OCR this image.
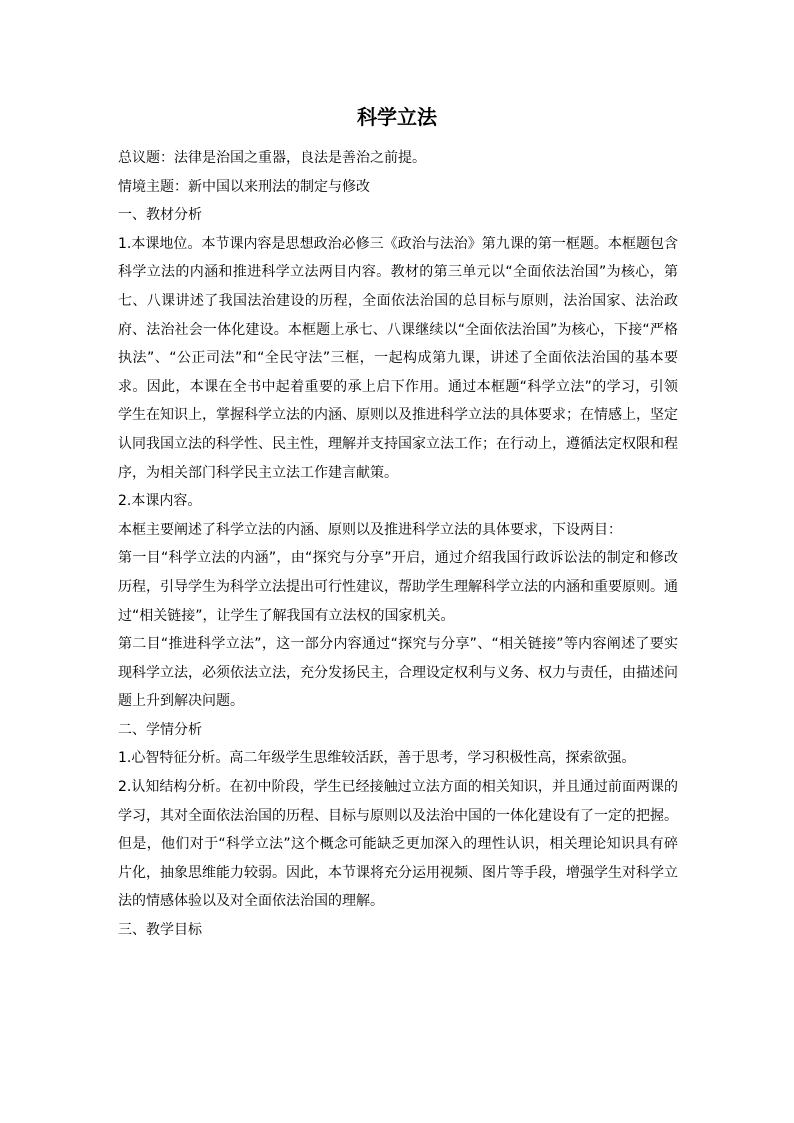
科学立法

总议题：法律是治国之重器，良法是善治之前提。

情境主题：新中国以来刑法的制定与修改

一、教材分析

1.本课地位。本节课内容是思想政治必修三《政治与法治》第九课的第一框题。本框题包含科学立法的内涵和推进科学立法两目内容。教材的第三单元以“全面依法治国”为核心，第七、八课讲述了我国法治建设的历程，全面依法治国的总目标与原则，法治国家、法治政府、法治社会一体化建设。本框题上承七、八课继续以“全面依法治国”为核心，下接“严格执法”、“公正司法”和“全民守法”三框，一起构成第九课，讲述了全面依法治国的基本要求。因此，本课在全书中起着重要的承上启下作用。通过本框题“科学立法”的学习，引领学生在知识上，掌握科学立法的内涵、原则以及推进科学立法的具体要求；在情感上，坚定认同我国立法的科学性、民主性，理解并支持国家立法工作；在行动上，遵循法定权限和程序，为相关部门科学民主立法工作建言献策。

2.本课内容。

本框主要阐述了科学立法的内涵、原则以及推进科学立法的具体要求，下设两目：

第一目“科学立法的内涵”，由“探究与分享”开启，通过介绍我国行政诉讼法的制定和修改历程，引导学生为科学立法提出可行性建议，帮助学生理解科学立法的内涵和重要原则。通过“相关链接”，让学生了解我国有立法权的国家机关。

第二目“推进科学立法”，这一部分内容通过“探究与分享”、“相关链接”等内容阐述了要实现科学立法，必须依法立法，充分发扬民主，合理设定权利与义务、权力与责任，由描述问题上升到解决问题。

二、学情分析

1.心智特征分析。高二年级学生思维较活跃，善于思考，学习积极性高，探索欲强。

2.认知结构分析。在初中阶段，学生已经接触过立法方面的相关知识，并且通过前面两课的学习，其对全面依法治国的历程、目标与原则以及法治中国的一体化建设有了一定的把握。但是，他们对于“科学立法”这个概念可能缺乏更加深入的理性认识，相关理论知识具有碎片化，抽象思维能力较弱。因此，本节课将充分运用视频、图片等手段，增强学生对科学立法的情感体验以及对全面依法治国的理解。

三、教学目标
